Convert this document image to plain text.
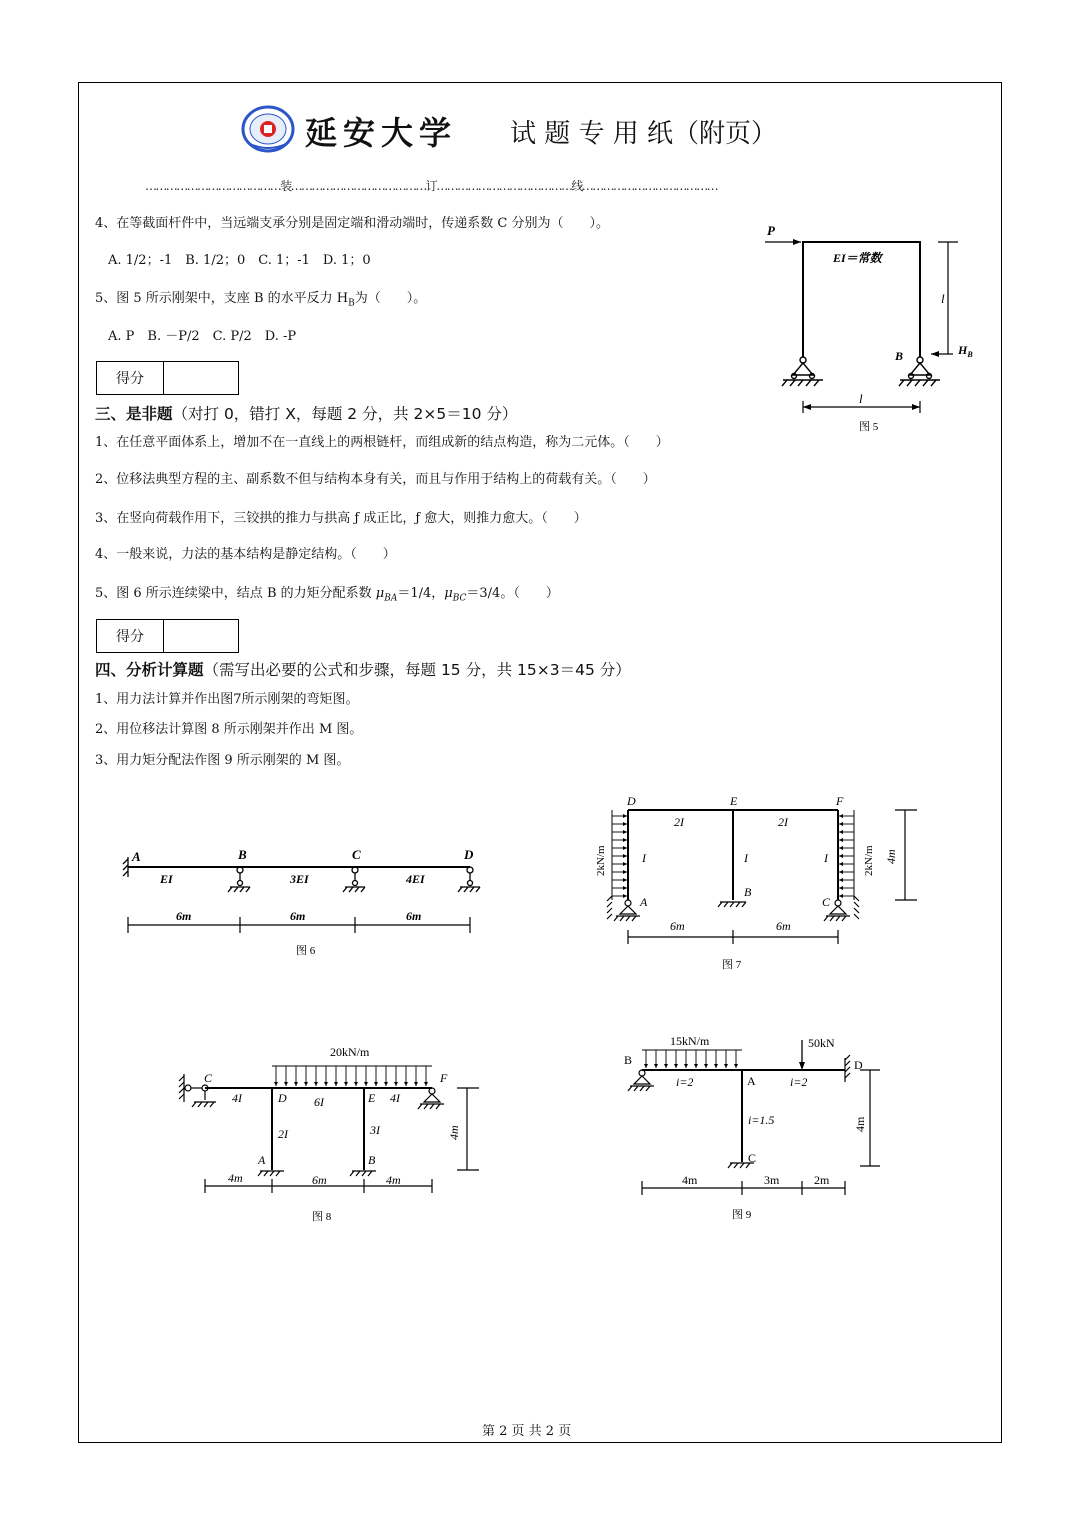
延安大学 试 题 专 用 纸（附页）
…………………………………装…………………………………订…………………………………线…………………………………
4、在等截面杆件中，当远端支承分别是固定端和滑动端时，传递系数 C 分别为（　　）。
A. 1/2；-1　B. 1/2；0　C. 1；-1　D. 1；0
5、图 5 所示刚架中，支座 B 的水平反力 $H_B$为（　　）。
A. P　B. －P/2　C. P/2　D. -P
得分
三、是非题（对打 0，错打 X，每题 2 分，共 2×5＝10 分）
1、在任意平面体系上，增加不在一直线上的两根链杆，而组成新的结点构造，称为二元体。（　　）
2、位移法典型方程的主、副系数不但与结构本身有关，而且与作用于结构上的荷载有关。（　　）
3、在竖向荷载作用下，三铰拱的推力与拱高 ƒ 成正比，ƒ 愈大，则推力愈大。（　　）
4、一般来说，力法的基本结构是静定结构。（　　）
5、图 6 所示连续梁中，结点 B 的力矩分配系数 $\mu_{BA}=1/4$，$\mu_{BC}=3/4$。（　　）
得分
四、分析计算题（需写出必要的公式和步骤，每题 15 分，共 15×3＝45 分）
1、用力法计算并作出图7所示刚架的弯矩图。
2、用位移法计算图 8 所示刚架并作出 M 图。
3、用力矩分配法作图 9 所示刚架的 M 图。
P
EI＝常数
B
l
$H_B$
l
图 5
A	B	C	D
EI	3EI	4EI
6m	6m	6m
图 6
D	E	F
A
B
C
2I	2I
I	I	I
2kN/m	2kN/m 4m
6m	6m
图 7
20kN/m
C
D	E
F
A	B
4I	6I	4I
2I	3I	4m
4m	6m	4m
图 8
15kN/m	50kN
B
A
D
C
i=2	i=2
i=1.5	4m
4m	3m	2m
图 9
第 2 页 共 2 页
